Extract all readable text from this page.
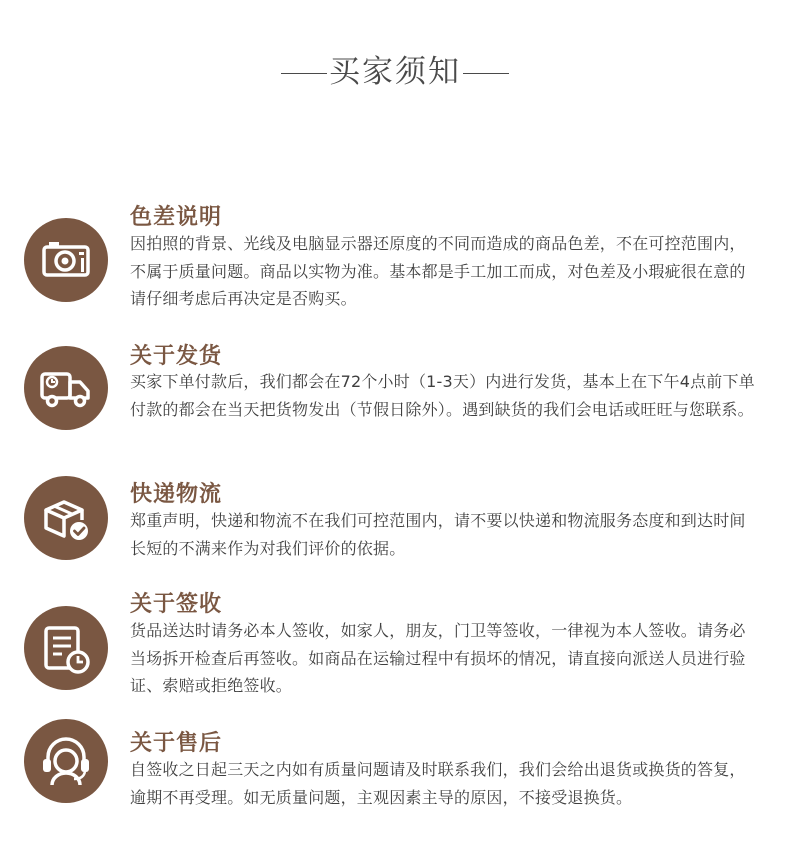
买家须知
色差说明
因拍照的背景、光线及电脑显示器还原度的不同而造成的商品色差，不在可控范围内，不属于质量问题。商品以实物为准。基本都是手工加工而成，对色差及小瑕疵很在意的请仔细考虑后再决定是否购买。
关于发货
买家下单付款后，我们都会在72个小时（1-3天）内进行发货，基本上在下午4点前下单付款的都会在当天把货物发出（节假日除外）。遇到缺货的我们会电话或旺旺与您联系。
快递物流
郑重声明，快递和物流不在我们可控范围内，请不要以快递和物流服务态度和到达时间长短的不满来作为对我们评价的依据。
关于签收
货品送达时请务必本人签收，如家人，朋友，门卫等签收，一律视为本人签收。请务必当场拆开检查后再签收。如商品在运输过程中有损坏的情况，请直接向派送人员进行验证、索赔或拒绝签收。
关于售后
自签收之日起三天之内如有质量问题请及时联系我们，我们会给出退货或换货的答复，逾期不再受理。如无质量问题，主观因素主导的原因，不接受退换货。
